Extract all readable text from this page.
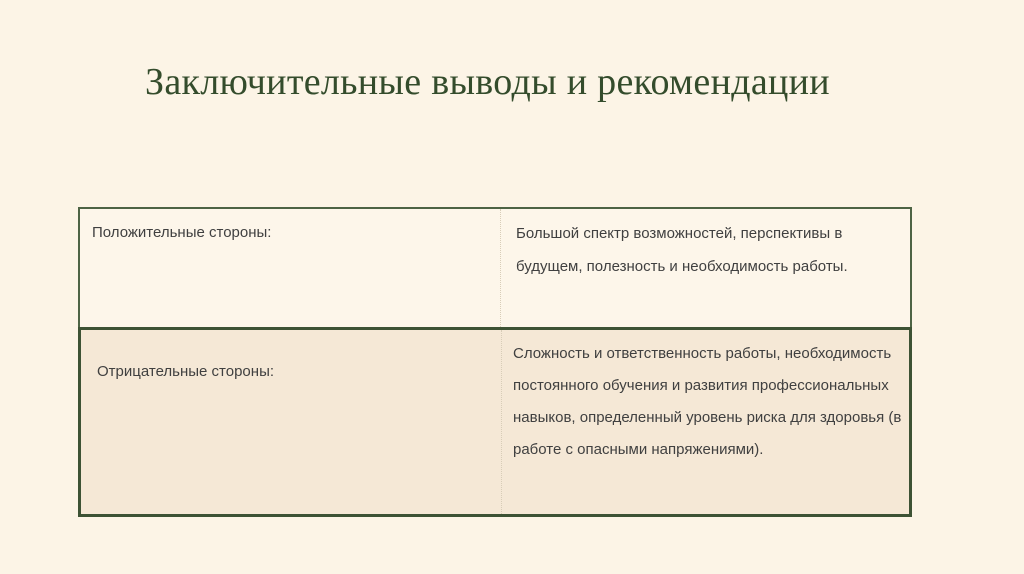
Заключительные выводы и рекомендации
Положительные стороны:	Большой спектр возможностей, перспективы в будущем, полезность и необходимость работы.
Отрицательные стороны:
Сложность и ответственность работы, необходимость постоянного обучения и развития профессиональных навыков, определенный уровень риска для здоровья (в работе с опасными напряжениями).
